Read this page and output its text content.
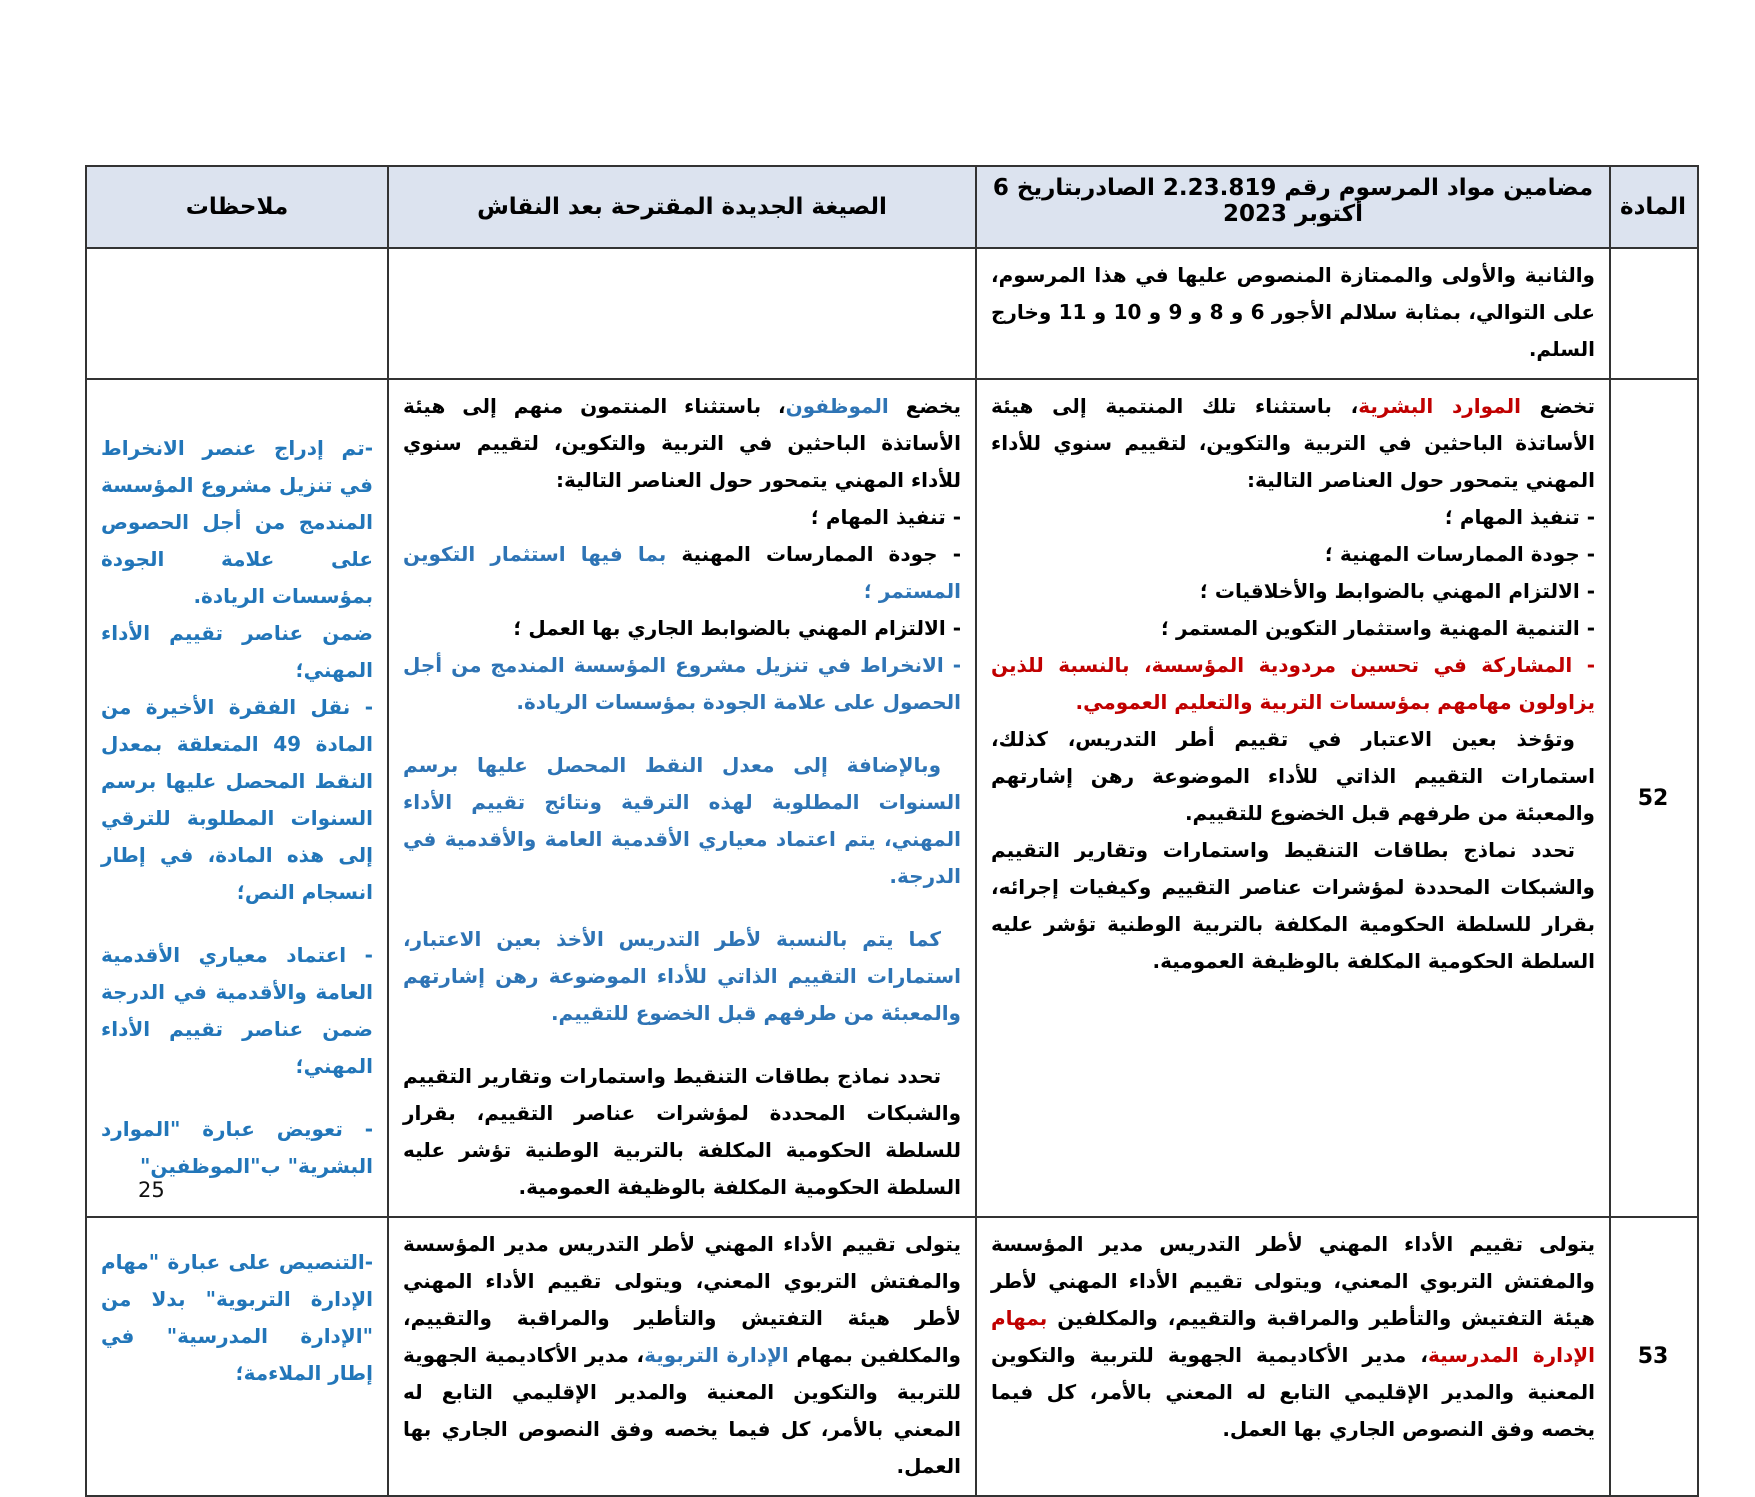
ملاحظات	الصيغة الجديدة المقترحة بعد النقاش
مضامين مواد المرسوم رقم 2.23.819 الصادربتاريخ 6 أكتوبر 2023	المادة

والثانية والأولى والممتازة المنصوص عليها في هذا المرسوم، على التوالي، بمثابة سلالم الأجور 6 و 8 و 9 و 10 و 11 وخارج السلم.

-تم إدراج عنصر الانخراط في تنزيل مشروع المؤسسة المندمج من أجل الحصوص على علامة الجودة بمؤسسات الريادة.

ضمن عناصر تقييم الأداء المهني؛

- نقل الفقرة الأخيرة من المادة 49 المتعلقة بمعدل النقط المحصل عليها برسم السنوات المطلوبة للترقي إلى هذه المادة، في إطار انسجام النص؛

- اعتماد معياري الأقدمية العامة والأقدمية في الدرجة ضمن عناصر تقييم الأداء المهني؛

- تعويض عبارة "الموارد البشرية" ب"الموظفين"

يخضع الموظفون، باستثناء المنتمون منهم إلى هيئة الأساتذة الباحثين في التربية والتكوين، لتقييم سنوي للأداء المهني يتمحور حول العناصر التالية:

- تنفيذ المهام ؛

- جودة الممارسات المهنية بما فيها استثمار التكوين المستمر ؛

- الالتزام المهني بالضوابط الجاري بها العمل ؛

- الانخراط في تنزيل مشروع المؤسسة المندمج من أجل الحصول على علامة الجودة بمؤسسات الريادة.

وبالإضافة إلى معدل النقط المحصل عليها برسم السنوات المطلوبة لهذه الترقية ونتائج تقييم الأداء المهني، يتم اعتماد معياري الأقدمية العامة والأقدمية في الدرجة.

كما يتم بالنسبة لأطر التدريس الأخذ بعين الاعتبار، استمارات التقييم الذاتي للأداء الموضوعة رهن إشارتهم والمعبئة من طرفهم قبل الخضوع للتقييم.

تحدد نماذج بطاقات التنقيط واستمارات وتقارير التقييم والشبكات المحددة لمؤشرات عناصر التقييم، بقرار للسلطة الحكومية المكلفة بالتربية الوطنية تؤشر عليه السلطة الحكومية المكلفة بالوظيفة العمومية.

تخضع الموارد البشرية، باستثناء تلك المنتمية إلى هيئة الأساتذة الباحثين في التربية والتكوين، لتقييم سنوي للأداء المهني يتمحور حول العناصر التالية:

- تنفيذ المهام ؛

- جودة الممارسات المهنية ؛

- الالتزام المهني بالضوابط والأخلاقيات ؛

- التنمية المهنية واستثمار التكوين المستمر ؛

- المشاركة في تحسين مردودية المؤسسة، بالنسبة للذين يزاولون مهامهم بمؤسسات التربية والتعليم العمومي.

وتؤخذ بعين الاعتبار في تقييم أطر التدريس، كذلك، استمارات التقييم الذاتي للأداء الموضوعة رهن إشارتهم والمعبئة من طرفهم قبل الخضوع للتقييم.

تحدد نماذج بطاقات التنقيط واستمارات وتقارير التقييم والشبكات المحددة لمؤشرات عناصر التقييم وكيفيات إجرائه، بقرار للسلطة الحكومية المكلفة بالتربية الوطنية تؤشر عليه السلطة الحكومية المكلفة بالوظيفة العمومية.

52

-التنصيص على عبارة "مهام الإدارة التربوية" بدلا من "الإدارة المدرسية" في إطار الملاءمة؛

يتولى تقييم الأداء المهني لأطر التدريس مدير المؤسسة والمفتش التربوي المعني، ويتولى تقييم الأداء المهني لأطر هيئة التفتيش والتأطير والمراقبة والتقييم، والمكلفين بمهام الإدارة التربوية، مدير الأكاديمية الجهوية للتربية والتكوين المعنية والمدير الإقليمي التابع له المعني بالأمر، كل فيما يخصه وفق النصوص الجاري بها العمل.

يتولى تقييم الأداء المهني لأطر التدريس مدير المؤسسة والمفتش التربوي المعني، ويتولى تقييم الأداء المهني لأطر هيئة التفتيش والتأطير والمراقبة والتقييم، والمكلفين بمهام الإدارة المدرسية، مدير الأكاديمية الجهوية للتربية والتكوين المعنية والمدير الإقليمي التابع له المعني بالأمر، كل فيما يخصه وفق النصوص الجاري بها العمل.

53
25
